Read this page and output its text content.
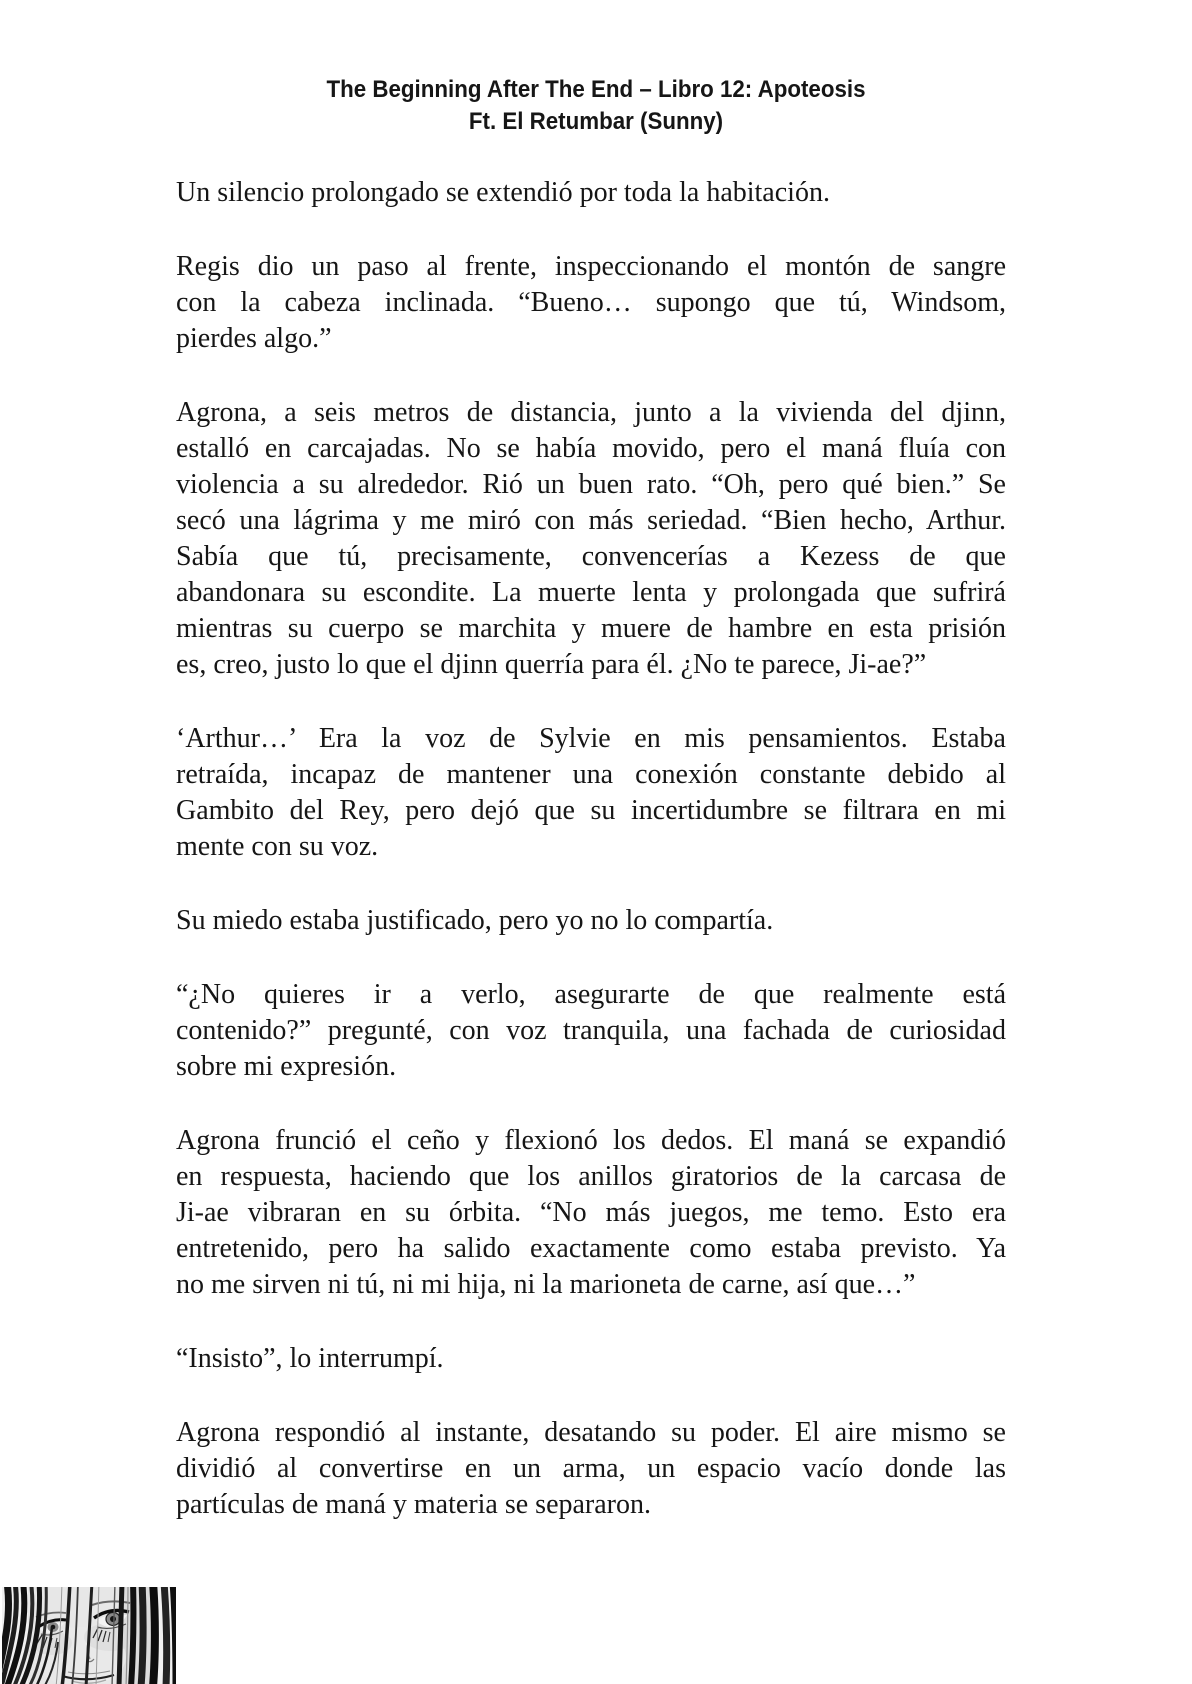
The Beginning After The End – Libro 12: Apoteosis
Ft. El Retumbar (Sunny)
Un silencio prolongado se extendió por toda la habitación.
Regis dio un paso al frente, inspeccionando el montón de sangre
con la cabeza inclinada. “Bueno… supongo que tú, Windsom,
pierdes algo.”
Agrona, a seis metros de distancia, junto a la vivienda del djinn,
estalló en carcajadas. No se había movido, pero el maná fluía con
violencia a su alrededor. Rió un buen rato. “Oh, pero qué bien.” Se
secó una lágrima y me miró con más seriedad. “Bien hecho, Arthur.
Sabía que tú, precisamente, convencerías a Kezess de que
abandonara su escondite. La muerte lenta y prolongada que sufrirá
mientras su cuerpo se marchita y muere de hambre en esta prisión
es, creo, justo lo que el djinn querría para él. ¿No te parece, Ji-ae?”
‘Arthur…’ Era la voz de Sylvie en mis pensamientos. Estaba
retraída, incapaz de mantener una conexión constante debido al
Gambito del Rey, pero dejó que su incertidumbre se filtrara en mi
mente con su voz.
Su miedo estaba justificado, pero yo no lo compartía.
“¿No quieres ir a verlo, asegurarte de que realmente está
contenido?” pregunté, con voz tranquila, una fachada de curiosidad
sobre mi expresión.
Agrona frunció el ceño y flexionó los dedos. El maná se expandió
en respuesta, haciendo que los anillos giratorios de la carcasa de
Ji-ae vibraran en su órbita. “No más juegos, me temo. Esto era
entretenido, pero ha salido exactamente como estaba previsto. Ya
no me sirven ni tú, ni mi hija, ni la marioneta de carne, así que…”
“Insisto”, lo interrumpí.
Agrona respondió al instante, desatando su poder. El aire mismo se
dividió al convertirse en un arma, un espacio vacío donde las
partículas de maná y materia se separaron.
